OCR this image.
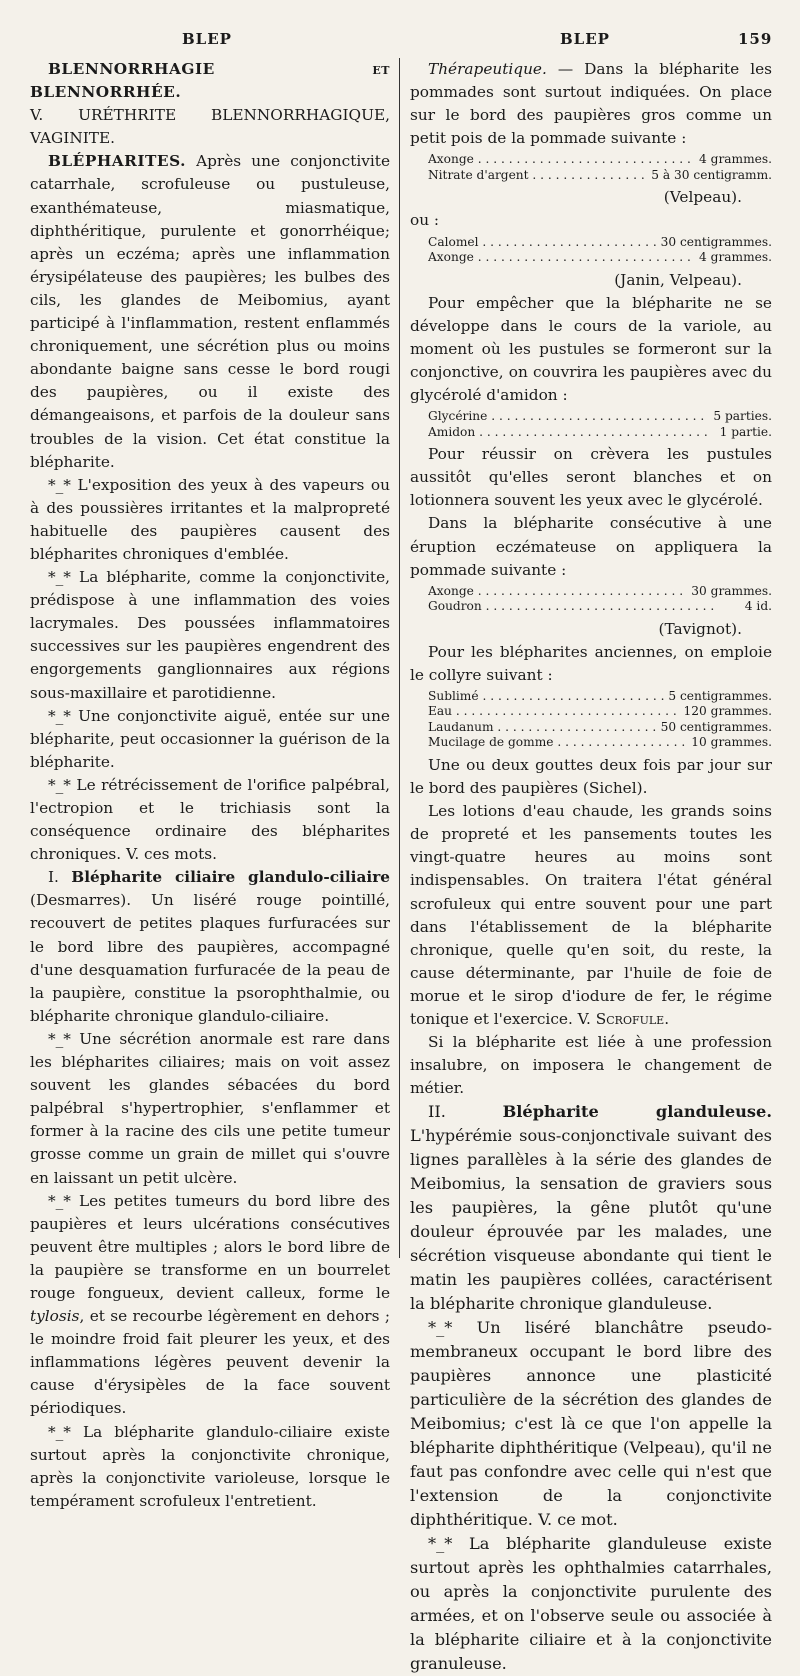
BLEP	BLEP	159

BLENNORRHAGIE et BLENNORRHÉE.

V. URÉTHRITE BLENNORRHAGIQUE, VAGINITE.

BLÉPHARITES. Après une conjonctivite catarrhale, scrofuleuse ou pustuleuse, exanthémateuse, miasmatique, diphthéritique, purulente et gonorrhéique; après un eczéma; après une inflammation érysipélateuse des paupières; les bulbes des cils, les glandes de Meibomius, ayant participé à l'inflammation, restent enflammés chroniquement, une sécrétion plus ou moins abondante baigne sans cesse le bord rougi des paupières, ou il existe des démangeaisons, et parfois de la douleur sans troubles de la vision. Cet état constitue la blépharite.

*_* L'exposition des yeux à des vapeurs ou à des poussières irritantes et la malpropreté habituelle des paupières causent des blépharites chroniques d'emblée.

*_* La blépharite, comme la conjonctivite, prédispose à une inflammation des voies lacrymales. Des poussées inflammatoires successives sur les paupières engendrent des engorgements ganglionnaires aux régions sous-maxillaire et parotidienne.

*_* Une conjonctivite aiguë, entée sur une blépharite, peut occasionner la guérison de la blépharite.

*_* Le rétrécissement de l'orifice palpébral, l'ectropion et le trichiasis sont la conséquence ordinaire des blépharites chroniques. V. ces mots.

I. Blépharite ciliaire glandulo-ciliaire (Desmarres). Un liséré rouge pointillé, recouvert de petites plaques furfuracées sur le bord libre des paupières, accompagné d'une desquamation furfuracée de la peau de la paupière, constitue la psorophthalmie, ou blépharite chronique glandulo-ciliaire.

*_* Une sécrétion anormale est rare dans les blépharites ciliaires; mais on voit assez souvent les glandes sébacées du bord palpébral s'hypertrophier, s'enflammer et former à la racine des cils une petite tumeur grosse comme un grain de millet qui s'ouvre en laissant un petit ulcère.

*_* Les petites tumeurs du bord libre des paupières et leurs ulcérations consécutives peuvent être multiples ; alors le bord libre de la paupière se transforme en un bourrelet rouge fongueux, devient calleux, forme le tylosis, et se recourbe légèrement en dehors ; le moindre froid fait pleurer les yeux, et des inflammations légères peuvent devenir la cause d'érysipèles de la face souvent périodiques.

*_* La blépharite glandulo-ciliaire existe surtout après la conjonctivite chronique, après la conjonctivite varioleuse, lorsque le tempérament scrofuleux l'entretient.

Thérapeutique. — Dans la blépharite les pommades sont surtout indiquées. On place sur le bord des paupières gros comme un petit pois de la pommade suivante :

Axonge . . .	4 grammes.
Nitrate d'argent . . .	5 à 30 centigramm.

(Velpeau).

ou :

Calomel . . .	30 centigrammes.
Axonge . . .	4 grammes.

(Janin, Velpeau).

Pour empêcher que la blépharite ne se développe dans le cours de la variole, au moment où les pustules se formeront sur la conjonctive, on couvrira les paupières avec du glycérolé d'amidon :

Glycérine . . .	5 parties.
Amidon . . .	1 partie.

Pour réussir on crèvera les pustules aussitôt qu'elles seront blanches et on lotionnera souvent les yeux avec le glycérolé.

Dans la blépharite consécutive à une éruption eczémateuse on appliquera la pommade suivante :

Axonge . . .	30 grammes.
Goudron . . .	4 id.

(Tavignot).

Pour les blépharites anciennes, on emploie le collyre suivant :

Sublimé . . .	5 centigrammes.
Eau . . .	120 grammes.
Laudanum . . .	50 centigrammes.
Mucilage de gomme . . .	10 grammes.

Une ou deux gouttes deux fois par jour sur le bord des paupières (Sichel).

Les lotions d'eau chaude, les grands soins de propreté et les pansements toutes les vingt-quatre heures au moins sont indispensables. On traitera l'état général scrofuleux qui entre souvent pour une part dans l'établissement de la blépharite chronique, quelle qu'en soit, du reste, la cause déterminante, par l'huile de foie de morue et le sirop d'iodure de fer, le régime tonique et l'exercice. V. Scrofule.

Si la blépharite est liée à une profession insalubre, on imposera le changement de métier.

II.	Blépharite glanduleuse. L'hypérémie sous-conjonctivale suivant des lignes parallèles à la série des glandes de Meibomius, la sensation de graviers sous les paupières, la gêne plutôt qu'une douleur éprouvée par les malades, une sécrétion visqueuse abondante qui tient le matin les paupières collées, caractérisent la blépharite chronique glanduleuse.

*_* Un liséré blanchâtre pseudo-membraneux occupant le bord libre des paupières annonce une plasticité particulière de la sécrétion des glandes de Meibomius; c'est là ce que l'on appelle la blépharite diphthéritique (Velpeau), qu'il ne faut pas confondre avec celle qui n'est que l'extension de la conjonctivite diphthéritique. V. ce mot.

*_* La blépharite glanduleuse existe surtout après les ophthalmies catarrhales, ou après la conjonctivite purulente des armées, et on l'observe seule ou associée à la blépharite ciliaire et à la conjonctivite granuleuse.
